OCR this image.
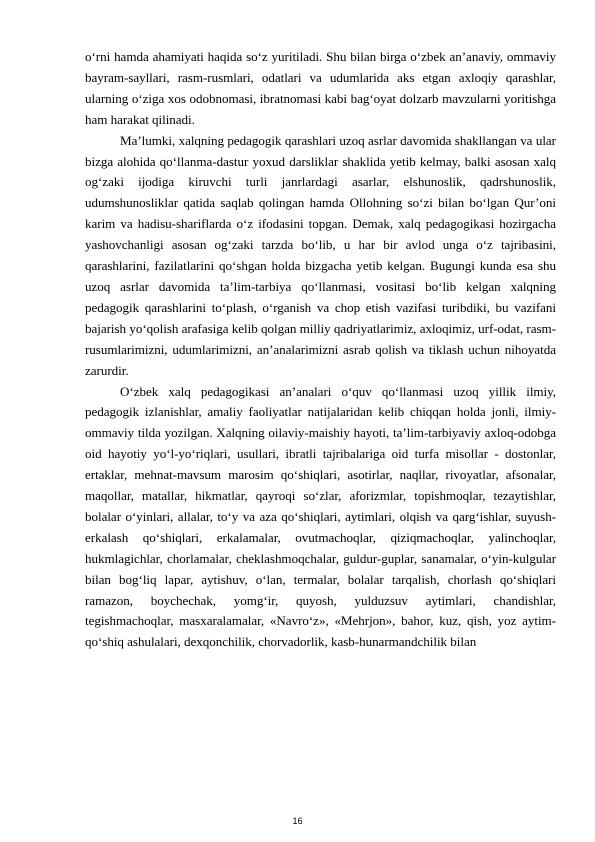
o‘rni hamda ahamiyati haqida so‘z yuritiladi. Shu bilan birga o‘zbek an’anaviy, ommaviy bayram-sayllari, rasm-rusmlari, odatlari va udumlarida aks etgan axloqiy qarashlar, ularning o‘ziga xos odobnomasi, ibratnomasi kabi bag‘oyat dolzarb mavzularni yoritishga ham harakat qilinadi.

Ma’lumki, xalqning pedagogik qarashlari uzoq asrlar davomida shakllangan va ular bizga alohida qo‘llanma-dastur yoxud darsliklar shaklida yetib kelmay, balki asosan xalq og‘zaki ijodiga kiruvchi turli janrlardagi asarlar, elshunoslik, qadrshunoslik, udumshunosliklar qatida saqlab qolingan hamda Ollohning so‘zi bilan bo‘lgan Qur’oni karim va hadisu-shariflarda o‘z ifodasini topgan. Demak, xalq pedagogikasi hozirgacha yashovchanligi asosan og‘zaki tarzda bo‘lib, u har bir avlod unga o‘z tajribasini, qarashlarini, fazilatlarini qo‘shgan holda bizgacha yetib kelgan. Bugungi kunda esa shu uzoq asrlar davomida ta’lim-tarbiya qo‘llanmasi, vositasi bo‘lib kelgan xalqning pedagogik qarashlarini to‘plash, o‘rganish va chop etish vazifasi turibdiki, bu vazifani bajarish yo‘qolish arafasiga kelib qolgan milliy qadriyatlarimiz, axloqimiz, urf-odat, rasm-rusumlarimizni, udumlarimizni, an’analarimizni asrab qolish va tiklash uchun nihoyatda zarurdir.

O‘zbek xalq pedagogikasi an’analari o‘quv qo‘llanmasi uzoq yillik ilmiy, pedagogik izlanishlar, amaliy faoliyatlar natijalaridan kelib chiqqan holda jonli, ilmiy-ommaviy tilda yozilgan. Xalqning oilaviy-maishiy hayoti, ta’lim-tarbiyaviy axloq-odobga oid hayotiy yo‘l-yo‘riqlari, usullari, ibratli tajribalariga oid turfa misollar - dostonlar, ertaklar, mehnat-mavsum marosim qo‘shiqlari, asotirlar, naqllar, rivoyatlar, afsonalar, maqollar, matallar, hikmatlar, qayroqi so‘zlar, aforizmlar, topishmoqlar, tezaytishlar, bolalar o‘yinlari, allalar, to‘y va aza qo‘shiqlari, aytimlari, olqish va qarg‘ishlar, suyush-erkalash qo‘shiqlari, erkalamalar, ovutmachoqlar, qiziqmachoqlar, yalinchoqlar, hukmlagichlar, chorlamalar, cheklashmoqchalar, guldur-guplar, sanamalar, o‘yin-kulgular bilan bog‘liq lapar, aytishuv, o‘lan, termalar, bolalar tarqalish, chorlash qo‘shiqlari ramazon, boychechak, yomg‘ir, quyosh, yulduzsuv aytimlari, chandishlar, tegishmachoqlar, masxaralamalar, «Navro‘z», «Mehrjon», bahor, kuz, qish, yoz aytim-qo‘shiq ashulalari, dexqonchilik, chorvadorlik, kasb-hunarmandchilik bilan

16
